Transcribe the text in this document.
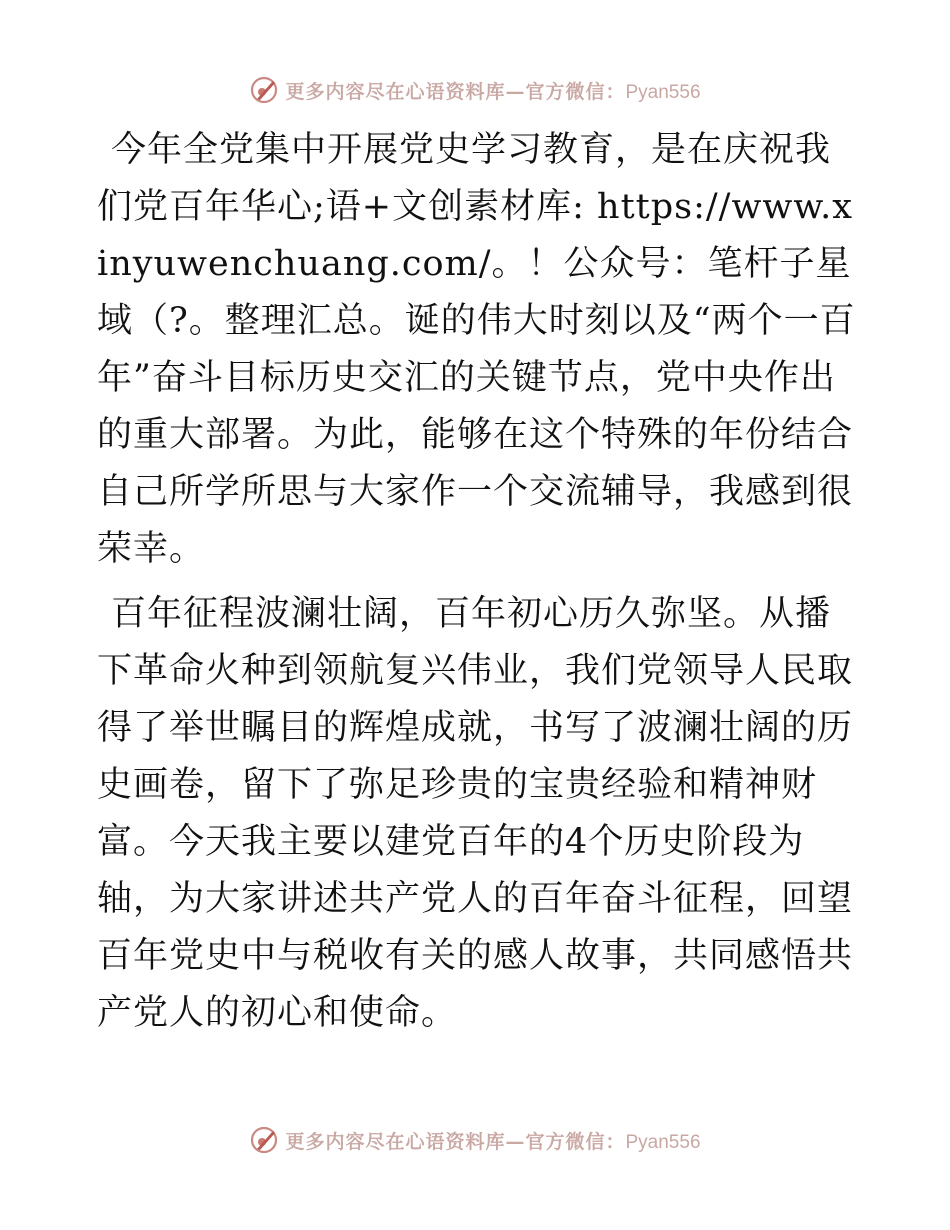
更多内容尽在心语资料库—官方微信：Pyan556

今年全党集中开展党史学习教育，是在庆祝我们党百年华心;语+文创素材库: https://www.xinyuwenchuang.com/。！公众号：笔杆子星域（?。整理汇总。诞的伟大时刻以及“两个一百年”奋斗目标历史交汇的关键节点，党中央作出的重大部署。为此，能够在这个特殊的年份结合自己所学所思与大家作一个交流辅导，我感到很荣幸。

百年征程波澜壮阔，百年初心历久弥坚。从播下革命火种到领航复兴伟业，我们党领导人民取得了举世瞩目的辉煌成就，书写了波澜壮阔的历史画卷，留下了弥足珍贵的宝贵经验和精神财富。今天我主要以建党百年的4个历史阶段为轴，为大家讲述共产党人的百年奋斗征程，回望百年党史中与税收有关的感人故事，共同感悟共产党人的初心和使命。

更多内容尽在心语资料库—官方微信：Pyan556
